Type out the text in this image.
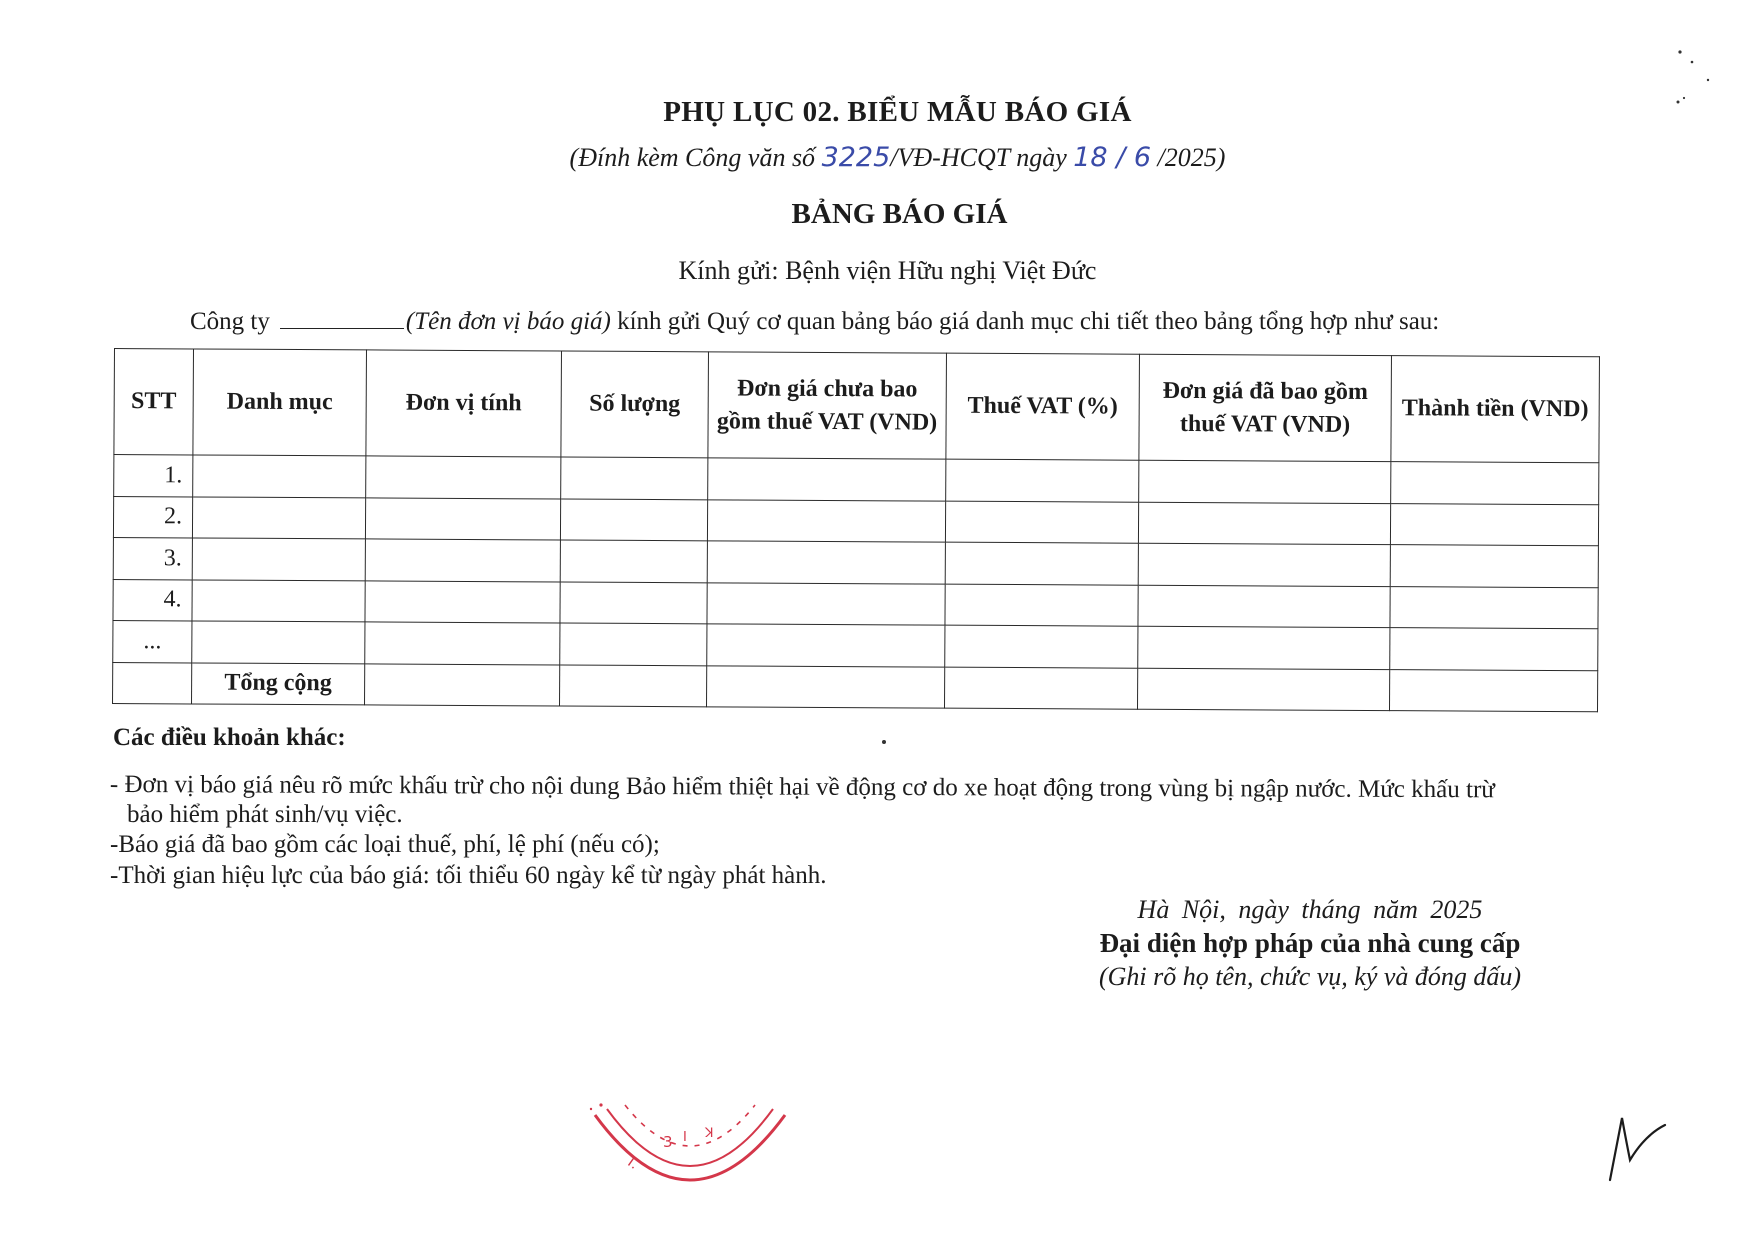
PHỤ LỤC 02. BIỂU MẪU BÁO GIÁ
(Đính kèm Công văn số 3225/VĐ-HCQT ngày 18 / 6 /2025)
BẢNG BÁO GIÁ
Kính gửi: Bệnh viện Hữu nghị Việt Đức
Công ty	(Tên đơn vị báo giá) kính gửi Quý cơ quan bảng báo giá danh mục chi tiết theo bảng tổng hợp như sau:
STT	Danh mục	Đơn vị tính	Số lượng	Đơn giá chưa bao gồm thuế VAT (VND)	Thuế VAT (%)	Đơn giá đã bao gồm thuế VAT (VND)	Thành tiền (VND)
1.							
2.							
3.							
4.							
...							
	Tổng cộng						
Các điều khoản khác:
- Đơn vị báo giá nêu rõ mức khấu trừ cho nội dung Bảo hiểm thiệt hại về động cơ do xe hoạt động trong vùng bị ngập nước. Mức khấu trừ
bảo hiểm phát sinh/vụ việc.
-Báo giá đã bao gồm các loại thuế, phí, lệ phí (nếu có);
-Thời gian hiệu lực của báo giá: tối thiểu 60 ngày kể từ ngày phát hành.
Hà Nội, ngày tháng năm 2025
Đại diện hợp pháp của nhà cung cấp
(Ghi rõ họ tên, chức vụ, ký và đóng dấu)
T.
3 I ꓘ
